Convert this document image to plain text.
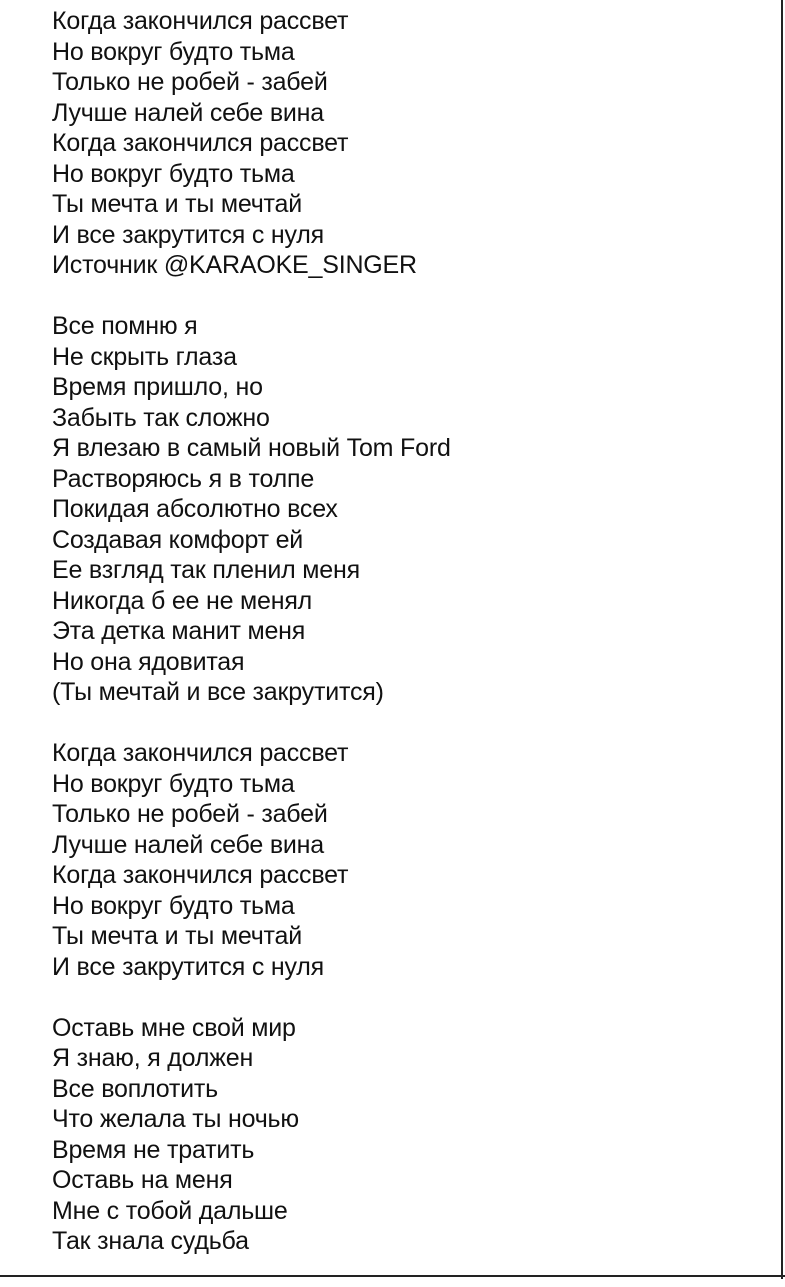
Когда закончился рассвет
Но вокруг будто тьма
Только не робей - забей
Лучше налей себе вина
Когда закончился рассвет
Но вокруг будто тьма
Ты мечта и ты мечтай
И все закрутится с нуля
Источник @KARAOKE_SINGER
Все помню я
Не скрыть глаза
Время пришло, но
Забыть так сложно
Я влезаю в самый новый Tom Ford
Растворяюсь я в толпе
Покидая абсолютно всех
Создавая комфорт ей
Ее взгляд так пленил меня
Никогда б ее не менял
Эта детка манит меня
Но она ядовитая
(Ты мечтай и все закрутится)
Когда закончился рассвет
Но вокруг будто тьма
Только не робей - забей
Лучше налей себе вина
Когда закончился рассвет
Но вокруг будто тьма
Ты мечта и ты мечтай
И все закрутится с нуля
Оставь мне свой мир
Я знаю, я должен
Все воплотить
Что желала ты ночью
Время не тратить
Оставь на меня
Мне с тобой дальше
Так знала судьба
